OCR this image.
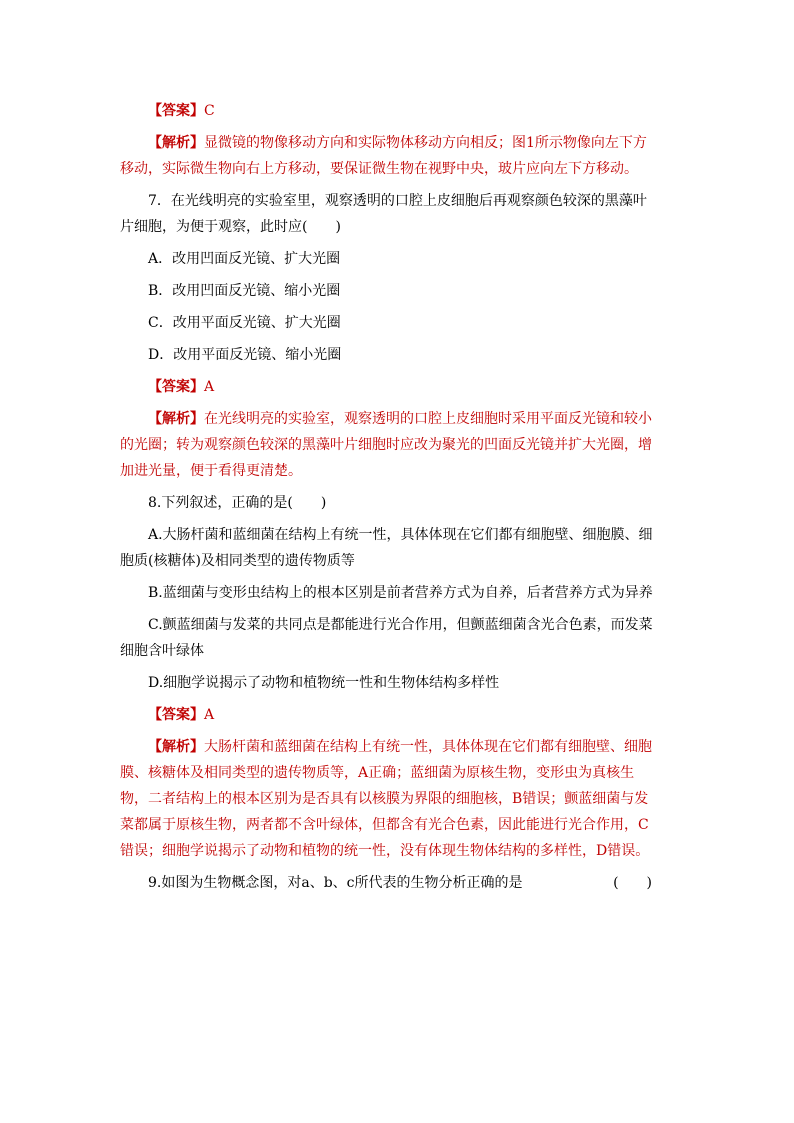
【答案】C

【解析】显微镜的物像移动方向和实际物体移动方向相反；图1所示物像向左下方移动，实际微生物向右上方移动，要保证微生物在视野中央，玻片应向左下方移动。

7．在光线明亮的实验室里，观察透明的口腔上皮细胞后再观察颜色较深的黑藻叶片细胞，为便于观察，此时应(　　)

A．改用凹面反光镜、扩大光圈

B．改用凹面反光镜、缩小光圈

C．改用平面反光镜、扩大光圈

D．改用平面反光镜、缩小光圈

【答案】A

【解析】在光线明亮的实验室，观察透明的口腔上皮细胞时采用平面反光镜和较小的光圈；转为观察颜色较深的黑藻叶片细胞时应改为聚光的凹面反光镜并扩大光圈，增加进光量，便于看得更清楚。

8.下列叙述，正确的是(　　)

A.大肠杆菌和蓝细菌在结构上有统一性，具体体现在它们都有细胞壁、细胞膜、细胞质(核糖体)及相同类型的遗传物质等

B.蓝细菌与变形虫结构上的根本区别是前者营养方式为自养，后者营养方式为异养

C.颤蓝细菌与发菜的共同点是都能进行光合作用，但颤蓝细菌含光合色素，而发菜细胞含叶绿体

D.细胞学说揭示了动物和植物统一性和生物体结构多样性

【答案】A

【解析】大肠杆菌和蓝细菌在结构上有统一性，具体体现在它们都有细胞壁、细胞膜、核糖体及相同类型的遗传物质等，A正确；蓝细菌为原核生物，变形虫为真核生物，二者结构上的根本区别为是否具有以核膜为界限的细胞核，B错误；颤蓝细菌与发菜都属于原核生物，两者都不含叶绿体，但都含有光合色素，因此能进行光合作用，C错误；细胞学说揭示了动物和植物的统一性，没有体现生物体结构的多样性，D错误。

9.如图为生物概念图，对a、b、c所代表的生物分析正确的是	(　　)
